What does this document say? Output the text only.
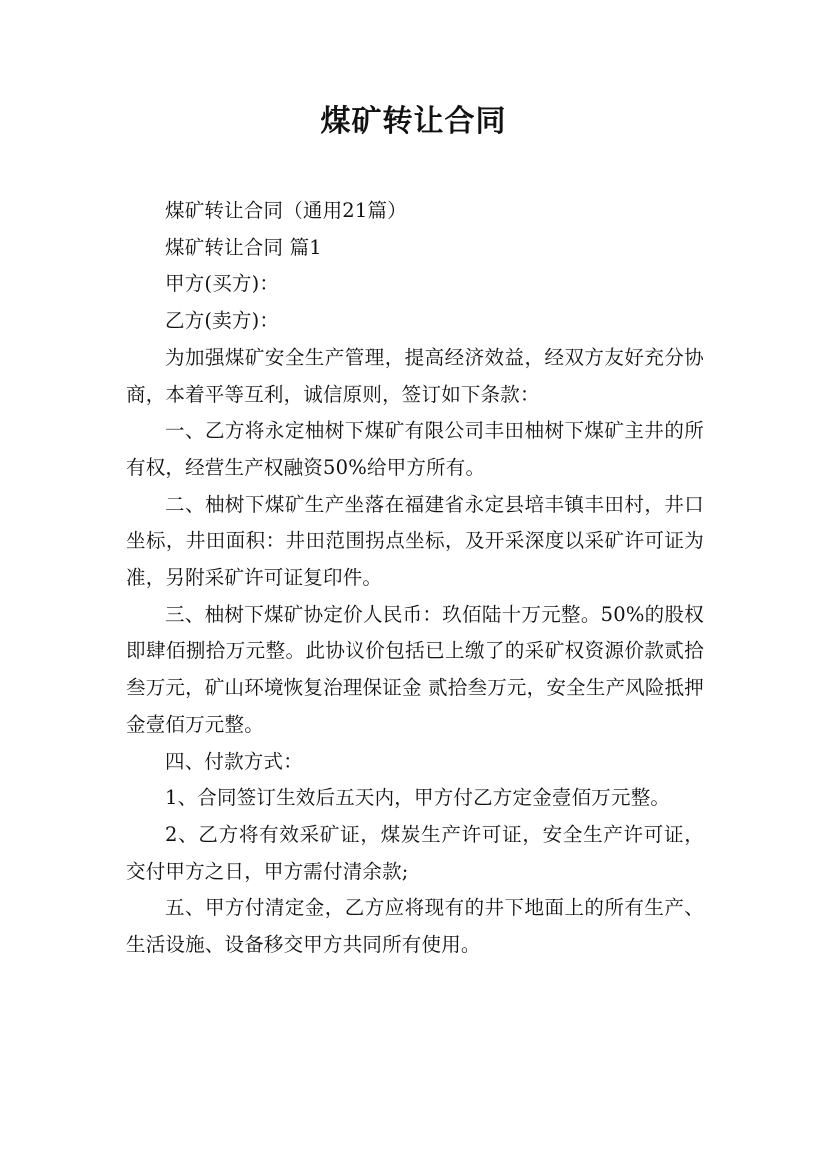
煤矿转让合同

煤矿转让合同（通用21篇）

煤矿转让合同 篇1

甲方(买方)：

乙方(卖方)：

为加强煤矿安全生产管理，提高经济效益，经双方友好充分协商，本着平等互利，诚信原则，签订如下条款：

一、乙方将永定柚树下煤矿有限公司丰田柚树下煤矿主井的所有权，经营生产权融资50%给甲方所有。

二、柚树下煤矿生产坐落在福建省永定县培丰镇丰田村，井口坐标，井田面积：井田范围拐点坐标，及开采深度以采矿许可证为准，另附采矿许可证复印件。

三、柚树下煤矿协定价人民币：玖佰陆十万元整。50%的股权即肆佰捌拾万元整。此协议价包括已上缴了的采矿权资源价款贰拾叁万元，矿山环境恢复治理保证金 贰拾叁万元，安全生产风险抵押金壹佰万元整。

四、付款方式：

1、合同签订生效后五天内，甲方付乙方定金壹佰万元整。

2、乙方将有效采矿证，煤炭生产许可证，安全生产许可证，交付甲方之日，甲方需付清余款;

五、甲方付清定金，乙方应将现有的井下地面上的所有生产、生活设施、设备移交甲方共同所有使用。
